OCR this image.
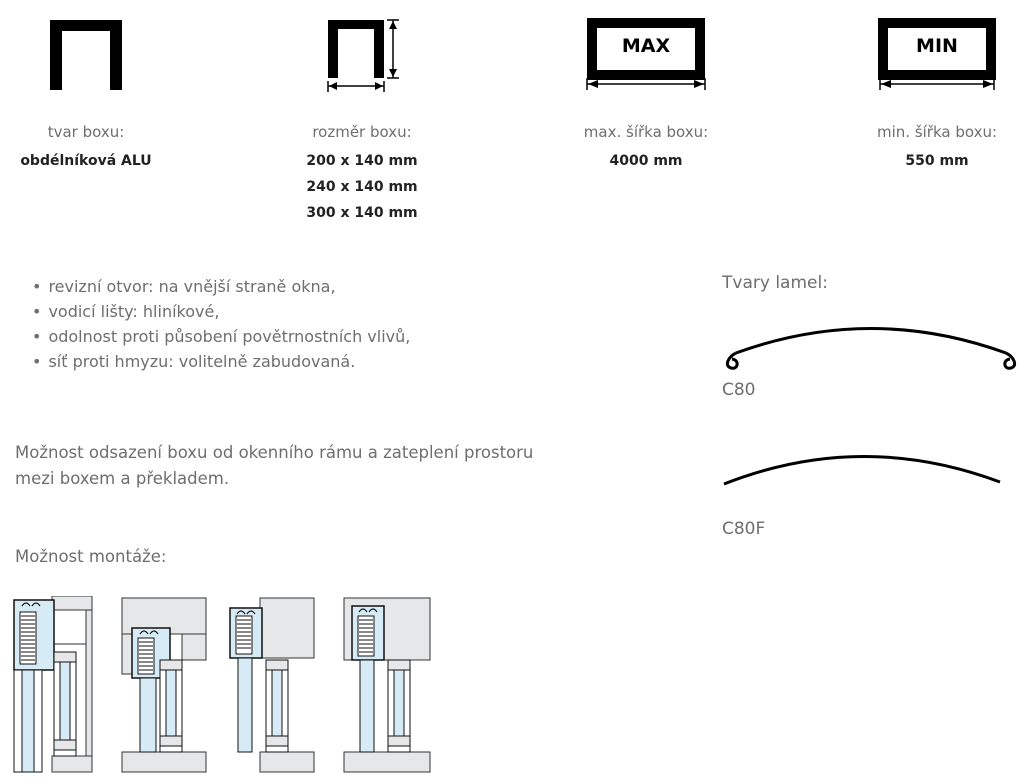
MAX	MIN
tvar boxu:
obdélníková ALU
rozměr boxu:
200 x 140 mm
240 x 140 mm
300 x 140 mm
max. šířka boxu:
4000 mm
min. šířka boxu:
550 mm
• revizní otvor: na vnější straně okna,
• vodicí lišty: hliníkové,
• odolnost proti působení povětrnostních vlivů,
• síť proti hmyzu: volitelně zabudovaná.

Možnost odsazení boxu od okenního rámu a zateplení prostoru mezi boxem a překladem.

Možnost montáže:
Tvary lamel:
C80
C80F
